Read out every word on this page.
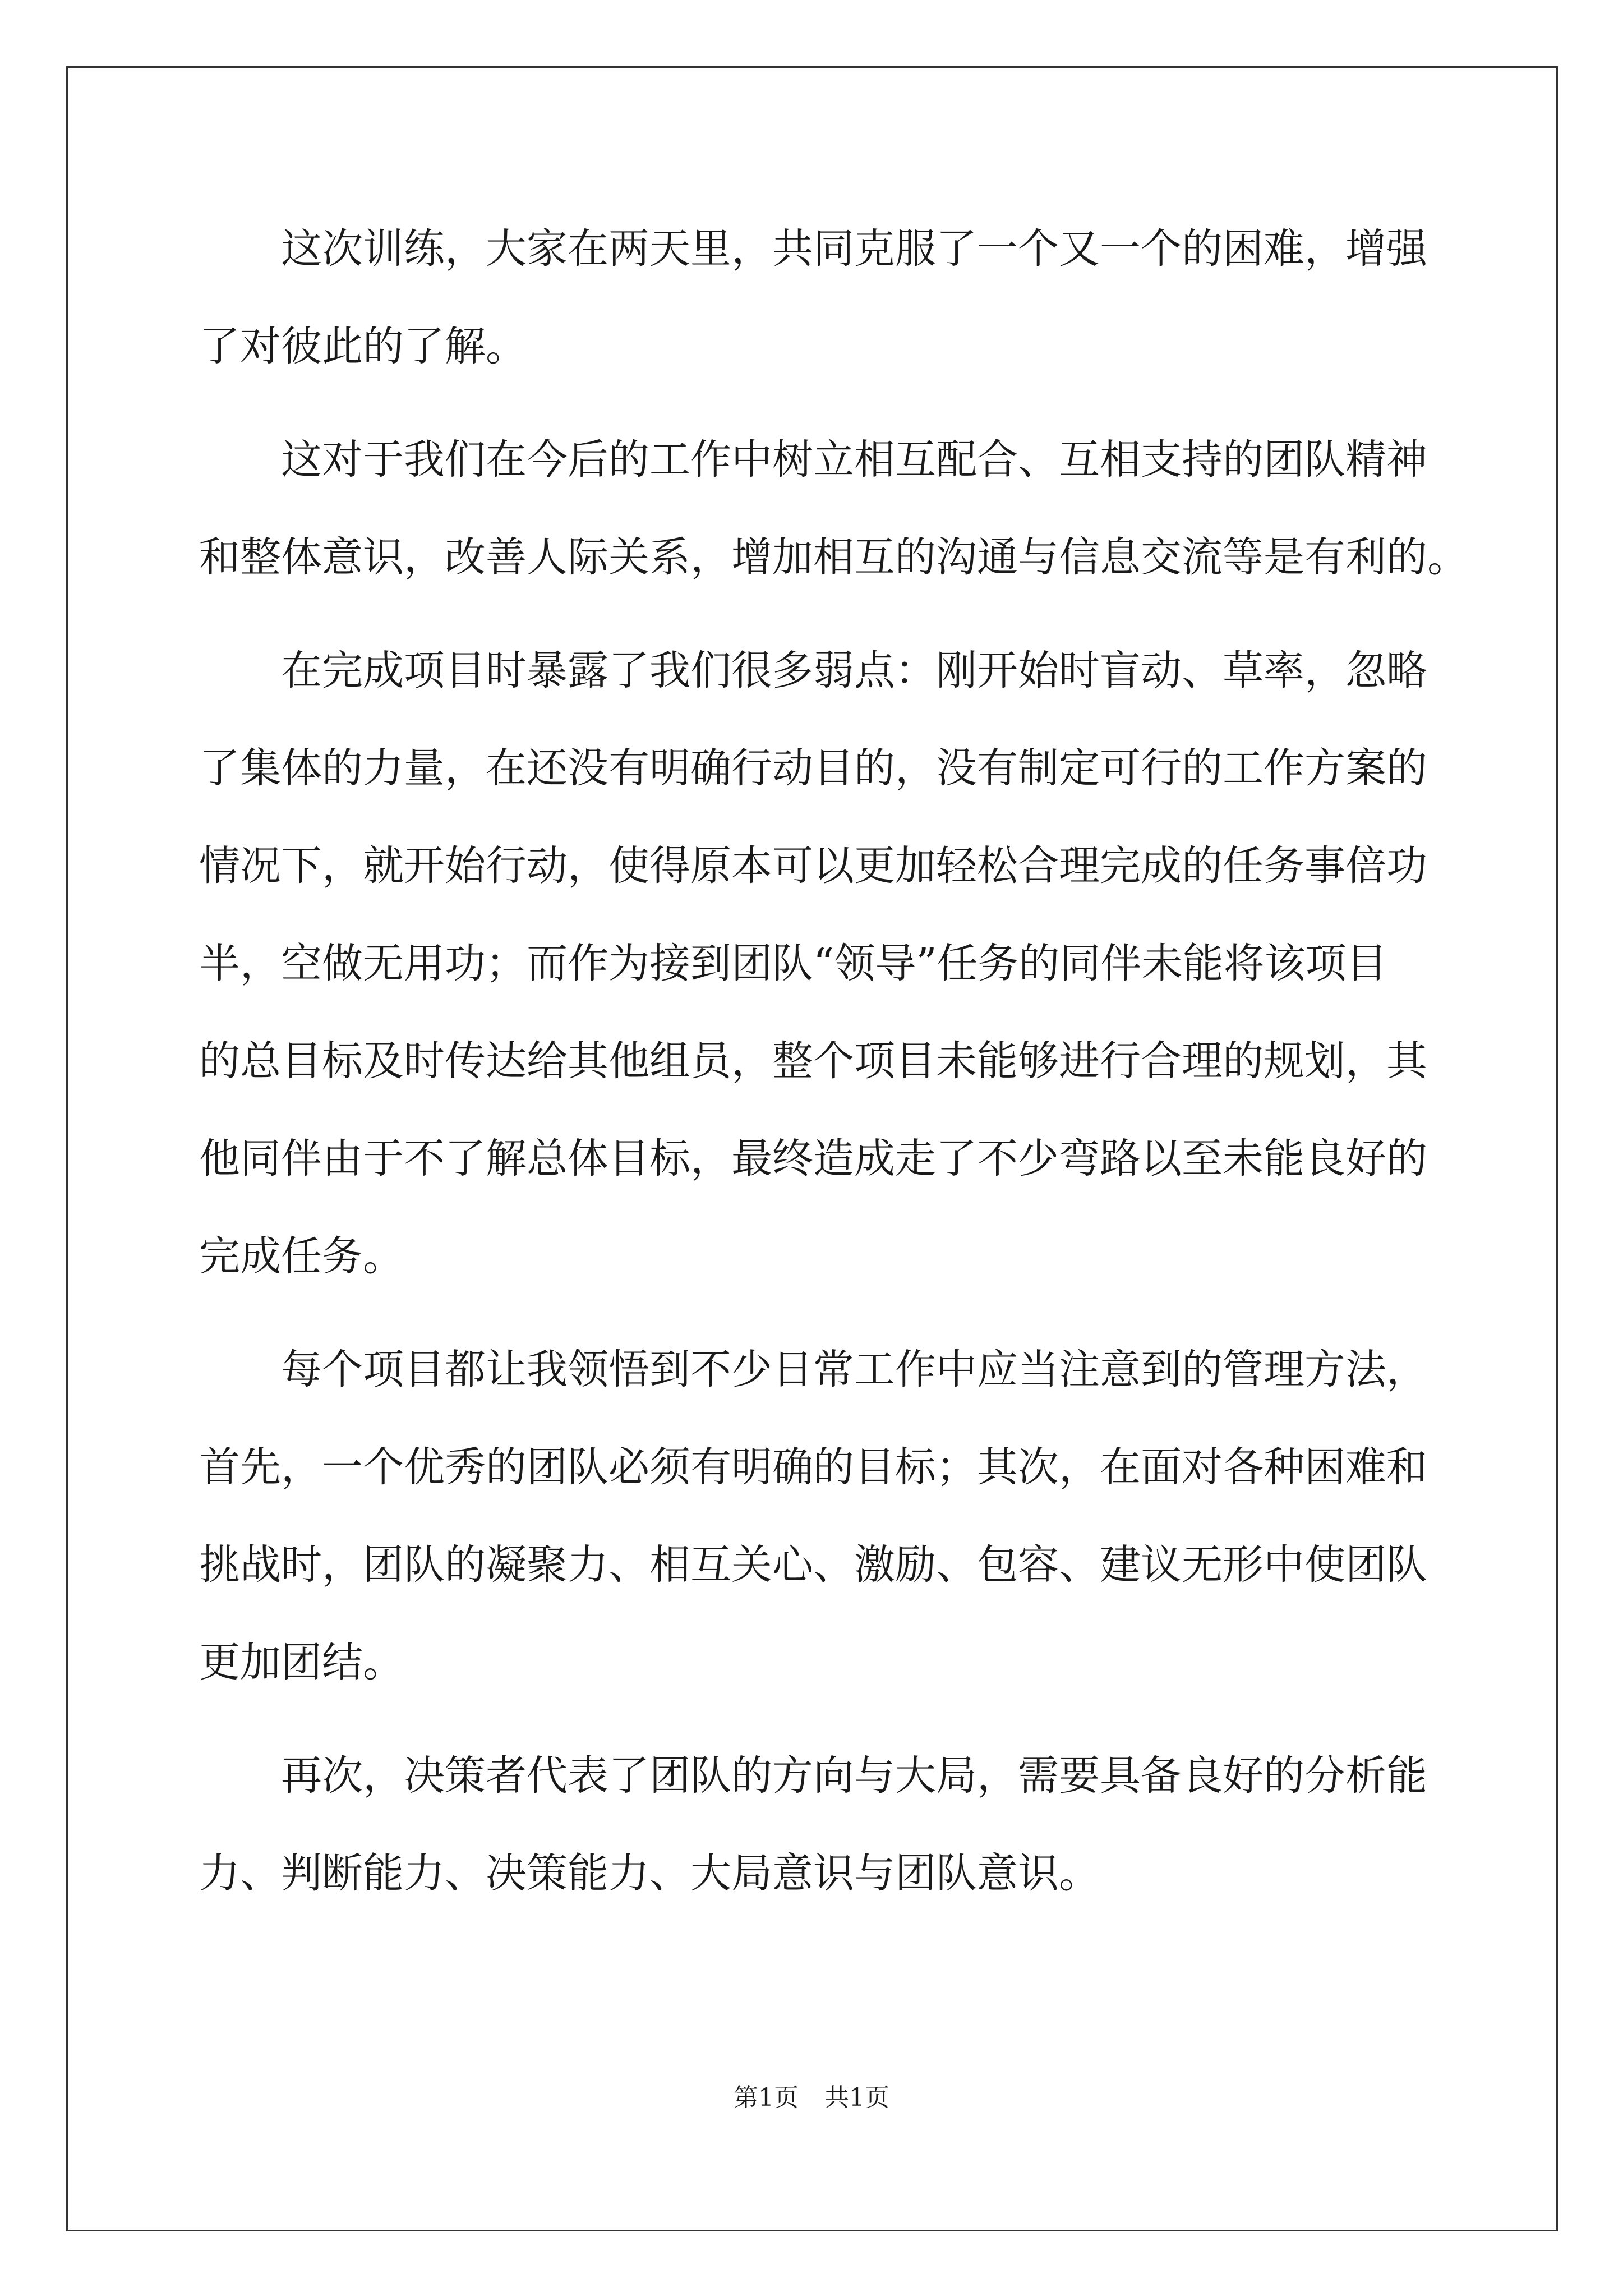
这次训练，大家在两天里，共同克服了一个又一个的困难，增强
了对彼此的了解。
这对于我们在今后的工作中树立相互配合、互相支持的团队精神
和整体意识，改善人际关系，增加相互的沟通与信息交流等是有利的。
在完成项目时暴露了我们很多弱点：刚开始时盲动、草率，忽略
了集体的力量，在还没有明确行动目的，没有制定可行的工作方案的
情况下，就开始行动，使得原本可以更加轻松合理完成的任务事倍功
半，空做无用功；而作为接到团队“领导”任务的同伴未能将该项目
的总目标及时传达给其他组员，整个项目未能够进行合理的规划，其
他同伴由于不了解总体目标，最终造成走了不少弯路以至未能良好的
完成任务。
每个项目都让我领悟到不少日常工作中应当注意到的管理方法，
首先，一个优秀的团队必须有明确的目标；其次，在面对各种困难和
挑战时，团队的凝聚力、相互关心、激励、包容、建议无形中使团队
更加团结。
再次，决策者代表了团队的方向与大局，需要具备良好的分析能
力、判断能力、决策能力、大局意识与团队意识。
第1页 共1页
